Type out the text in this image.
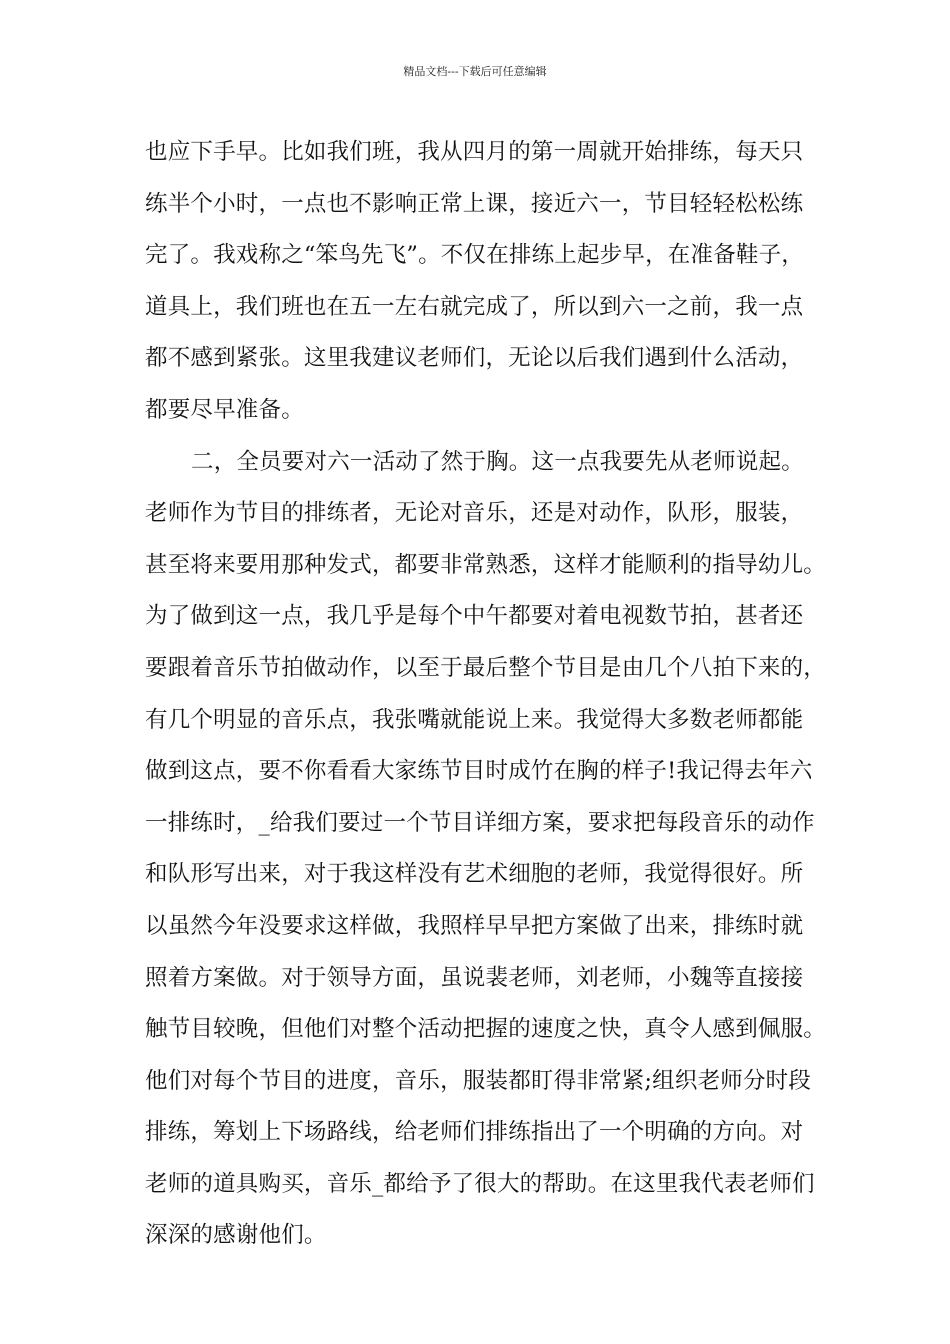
精品文档---下载后可任意编辑
也应下手早。比如我们班，我从四月的第一周就开始排练，每天只
练半个小时，一点也不影响正常上课，接近六一，节目轻轻松松练
完了。我戏称之“笨鸟先飞”。不仅在排练上起步早，在准备鞋子，
道具上，我们班也在五一左右就完成了，所以到六一之前，我一点
都不感到紧张。这里我建议老师们，无论以后我们遇到什么活动，
都要尽早准备。
二，全员要对六一活动了然于胸。这一点我要先从老师说起。
老师作为节目的排练者，无论对音乐，还是对动作，队形，服装，
甚至将来要用那种发式，都要非常熟悉，这样才能顺利的指导幼儿。
为了做到这一点，我几乎是每个中午都要对着电视数节拍，甚者还
要跟着音乐节拍做动作，以至于最后整个节目是由几个八拍下来的，
有几个明显的音乐点，我张嘴就能说上来。我觉得大多数老师都能
做到这点，要不你看看大家练节目时成竹在胸的样子!我记得去年六
一排练时，_给我们要过一个节目详细方案，要求把每段音乐的动作
和队形写出来，对于我这样没有艺术细胞的老师，我觉得很好。所
以虽然今年没要求这样做，我照样早早把方案做了出来，排练时就
照着方案做。对于领导方面，虽说裴老师，刘老师，小魏等直接接
触节目较晚，但他们对整个活动把握的速度之快，真令人感到佩服。
他们对每个节目的进度，音乐，服装都盯得非常紧;组织老师分时段
排练，筹划上下场路线，给老师们排练指出了一个明确的方向。对
老师的道具购买，音乐_都给予了很大的帮助。在这里我代表老师们
深深的感谢他们。
